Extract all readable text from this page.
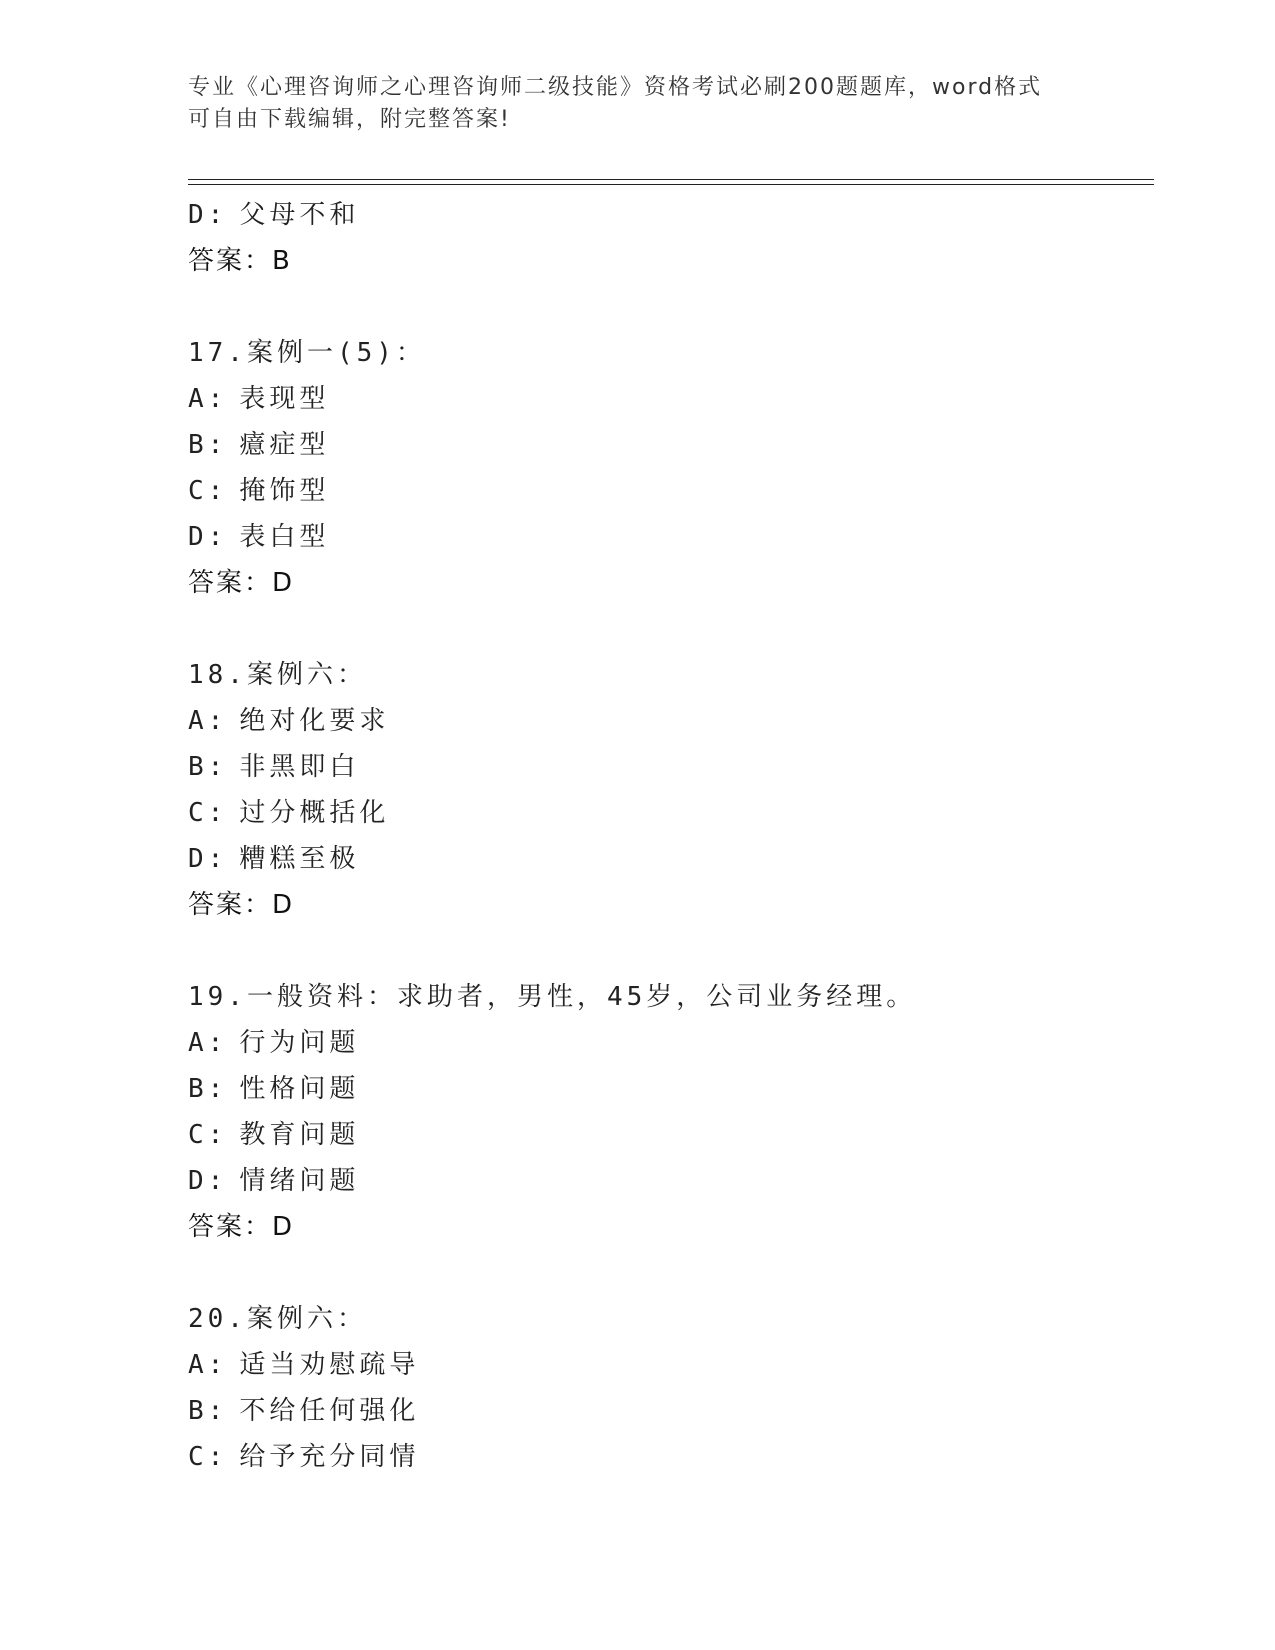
专业《心理咨询师之心理咨询师二级技能》资格考试必刷200题题库，word格式
可自由下载编辑，附完整答案!
D: 父母不和
答案：B
17.案例一(5)：
A: 表现型
B: 癔症型
C: 掩饰型
D: 表白型
答案：D
18.案例六：
A: 绝对化要求
B: 非黑即白
C: 过分概括化
D: 糟糕至极
答案：D
19.一般资料：求助者，男性，45岁，公司业务经理。
A: 行为问题
B: 性格问题
C: 教育问题
D: 情绪问题
答案：D
20.案例六：
A: 适当劝慰疏导
B: 不给任何强化
C: 给予充分同情
